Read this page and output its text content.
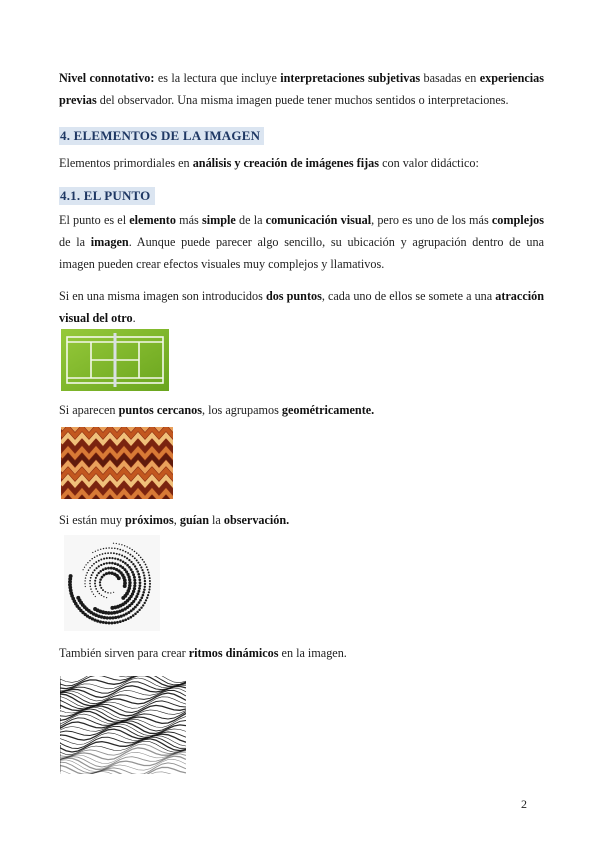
Nivel connotativo: es la lectura que incluye interpretaciones subjetivas basadas en experiencias previas del observador. Una misma imagen puede tener muchos sentidos o interpretaciones.
4. ELEMENTOS DE LA IMAGEN
Elementos primordiales en análisis y creación de imágenes fijas con valor didáctico:
4.1. EL PUNTO
El punto es el elemento más simple de la comunicación visual, pero es uno de los más complejos de la imagen. Aunque puede parecer algo sencillo, su ubicación y agrupación dentro de una imagen pueden crear efectos visuales muy complejos y llamativos.
Si en una misma imagen son introducidos dos puntos, cada uno de ellos se somete a una atracción visual del otro.
Si aparecen puntos cercanos, los agrupamos geométricamente.
Si están muy próximos, guían la observación.
También sirven para crear ritmos dinámicos en la imagen.
2
